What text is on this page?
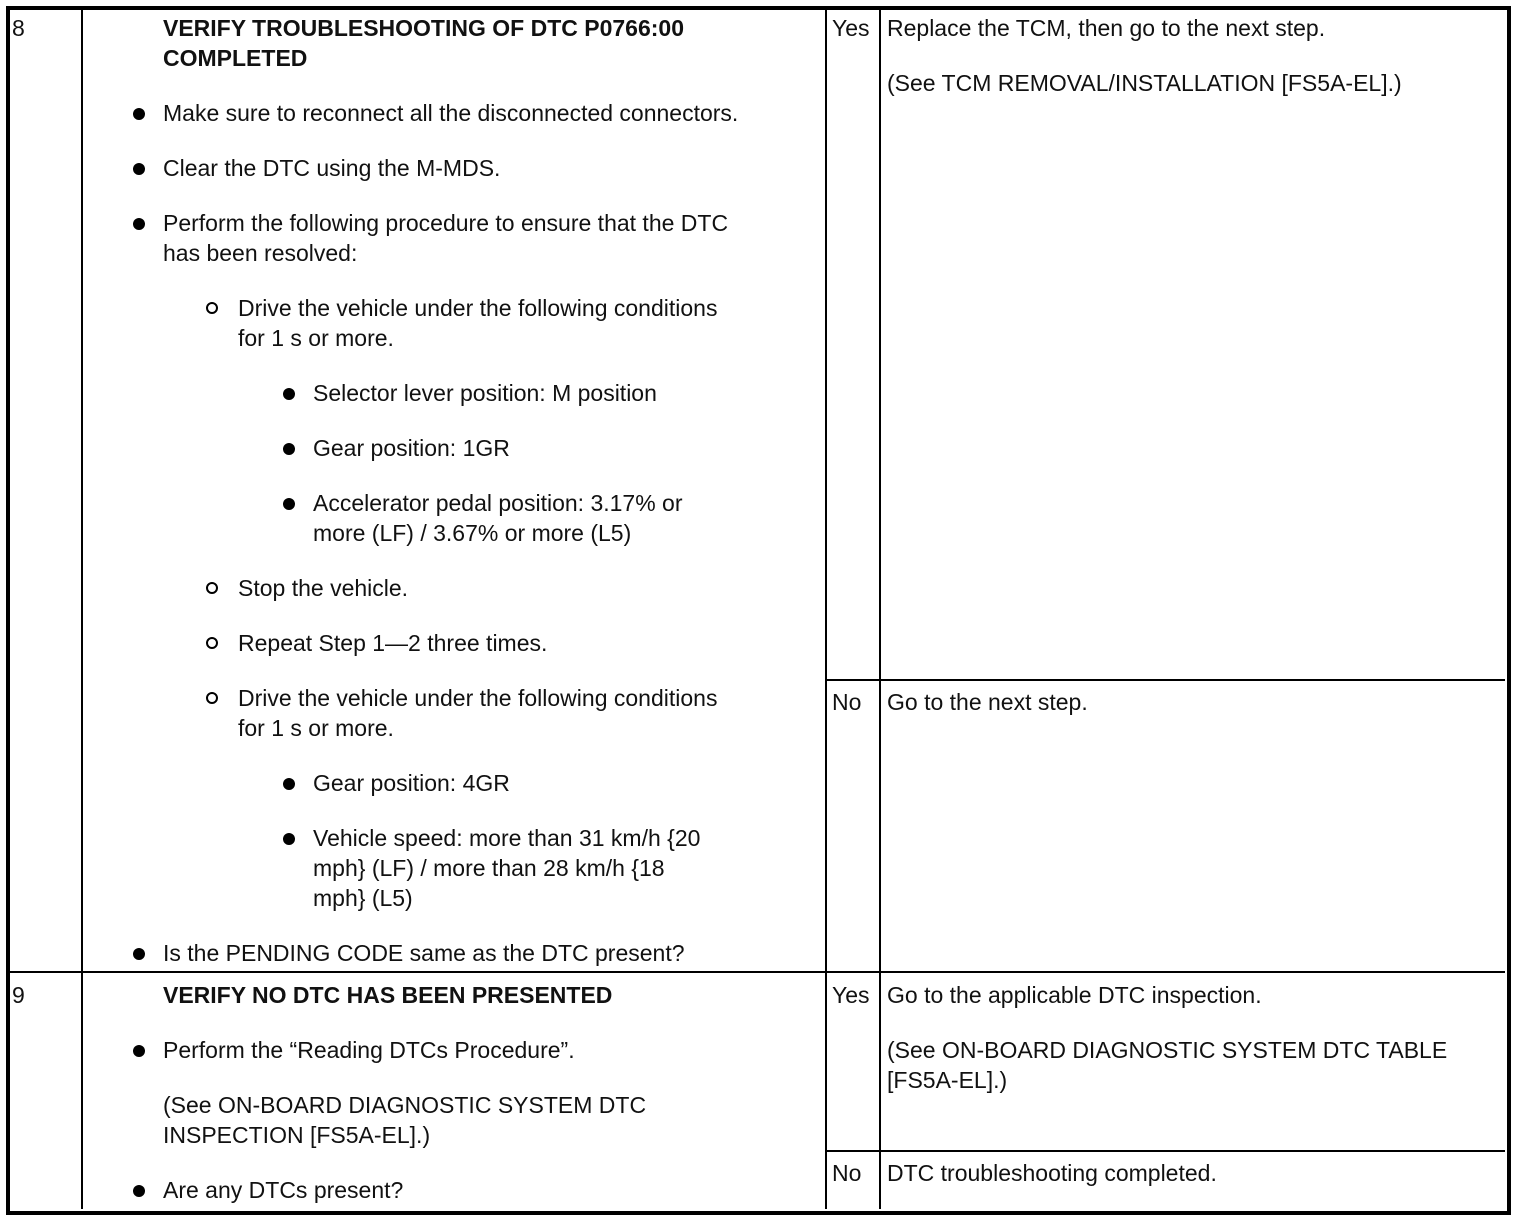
8	VERIFY TROUBLESHOOTING OF DTC P0766:00
COMPLETED
Make sure to reconnect all the disconnected connectors.
Clear the DTC using the M-MDS.
Perform the following procedure to ensure that the DTC
has been resolved:
Drive the vehicle under the following conditions
for 1 s or more.
Selector lever position: M position
Gear position: 1GR
Accelerator pedal position: 3.17% or
more (LF) / 3.67% or more (L5)
Stop the vehicle.
Repeat Step 1—2 three times.
Drive the vehicle under the following conditions
for 1 s or more.
Gear position: 4GR
Vehicle speed: more than 31 km/h {20
mph} (LF) / more than 28 km/h {18
mph} (L5)
Is the PENDING CODE same as the DTC present?
Yes Replace the TCM, then go to the next step.
(See TCM REMOVAL/INSTALLATION [FS5A-EL].)
No Go to the next step.
9	VERIFY NO DTC HAS BEEN PRESENTED
Perform the “Reading DTCs Procedure”.
(See ON-BOARD DIAGNOSTIC SYSTEM DTC
INSPECTION [FS5A-EL].)
Are any DTCs present?
Yes Go to the applicable DTC inspection.
(See ON-BOARD DIAGNOSTIC SYSTEM DTC TABLE
[FS5A-EL].)
No DTC troubleshooting completed.
